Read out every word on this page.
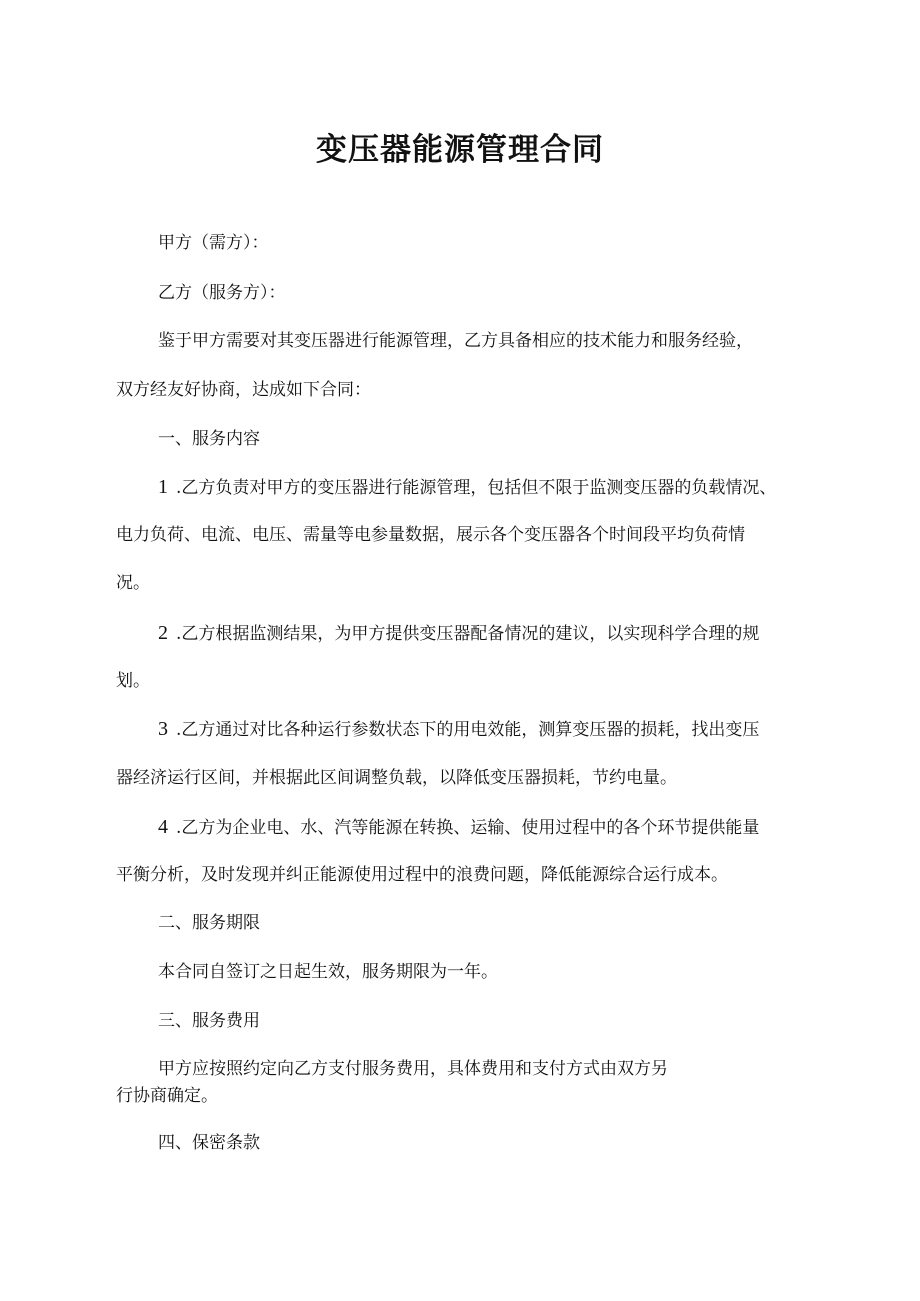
变压器能源管理合同
甲方（需方）：
乙方（服务方）：
鉴于甲方需要对其变压器进行能源管理，乙方具备相应的技术能力和服务经验，
双方经友好协商，达成如下合同：
一、服务内容
1 .乙方负责对甲方的变压器进行能源管理，包括但不限于监测变压器的负载情况、
电力负荷、电流、电压、需量等电参量数据，展示各个变压器各个时间段平均负荷情
况。
2 .乙方根据监测结果，为甲方提供变压器配备情况的建议，以实现科学合理的规
划。
3 .乙方通过对比各种运行参数状态下的用电效能，测算变压器的损耗，找出变压
器经济运行区间，并根据此区间调整负载，以降低变压器损耗，节约电量。
4 .乙方为企业电、水、汽等能源在转换、运输、使用过程中的各个环节提供能量
平衡分析，及时发现并纠正能源使用过程中的浪费问题，降低能源综合运行成本。
二、服务期限
本合同自签订之日起生效，服务期限为一年。
三、服务费用
甲方应按照约定向乙方支付服务费用，具体费用和支付方式由双方另
行协商确定。
四、保密条款
